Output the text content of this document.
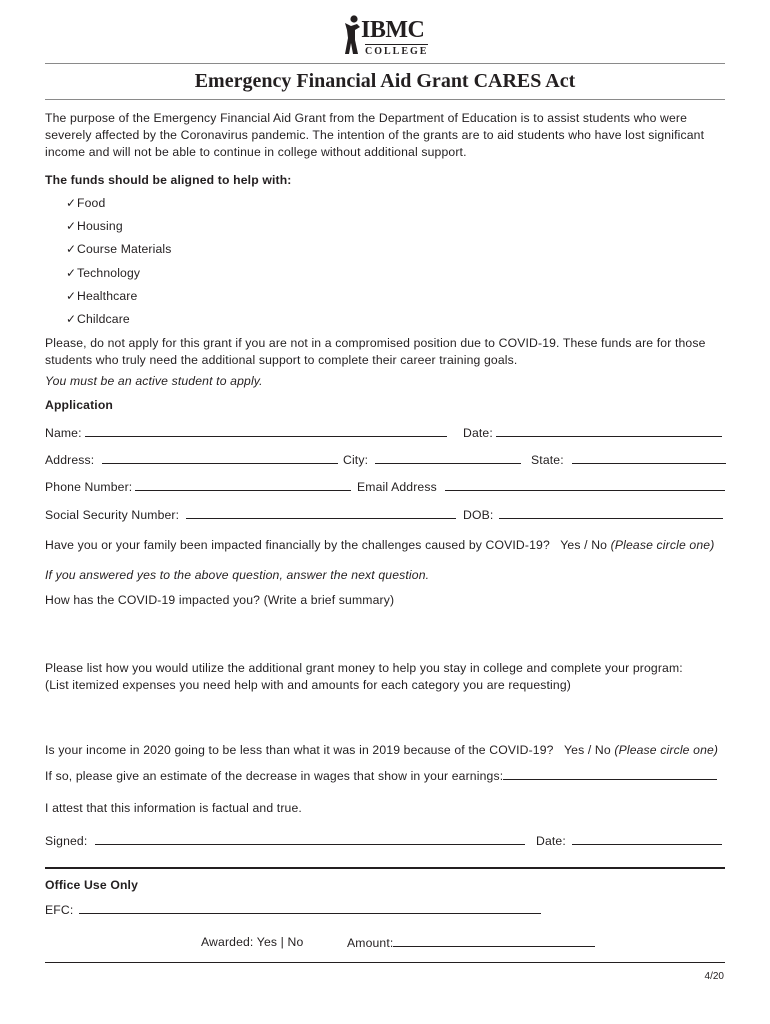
IBMC
COLLEGE
Emergency Financial Aid Grant CARES Act
The purpose of the Emergency Financial Aid Grant from the Department of Education is to assist students who were severely affected by the Coronavirus pandemic. The intention of the grants are to aid students who have lost significant income and will not be able to continue in college without additional support.
The funds should be aligned to help with:
✓Food
✓Housing
✓Course Materials
✓Technology
✓Healthcare
✓Childcare
Please, do not apply for this grant if you are not in a compromised position due to COVID-19. These funds are for those students who truly need the additional support to complete their career training goals.
You must be an active student to apply.
Application
Name:	Date:
Address:	City:	State:
Phone Number:	Email Address
Social Security Number:	DOB:
Have you or your family been impacted financially by the challenges caused by COVID-19? Yes / No (Please circle one)
If you answered yes to the above question, answer the next question.
How has the COVID-19 impacted you? (Write a brief summary)
Please list how you would utilize the additional grant money to help you stay in college and complete your program:
(List itemized expenses you need help with and amounts for each category you are requesting)
Is your income in 2020 going to be less than what it was in 2019 because of the COVID-19? Yes / No (Please circle one)
If so, please give an estimate of the decrease in wages that show in your earnings:
I attest that this information is factual and true.
Signed:	Date:
Office Use Only
EFC:
Awarded: Yes | No	Amount:
4/20
